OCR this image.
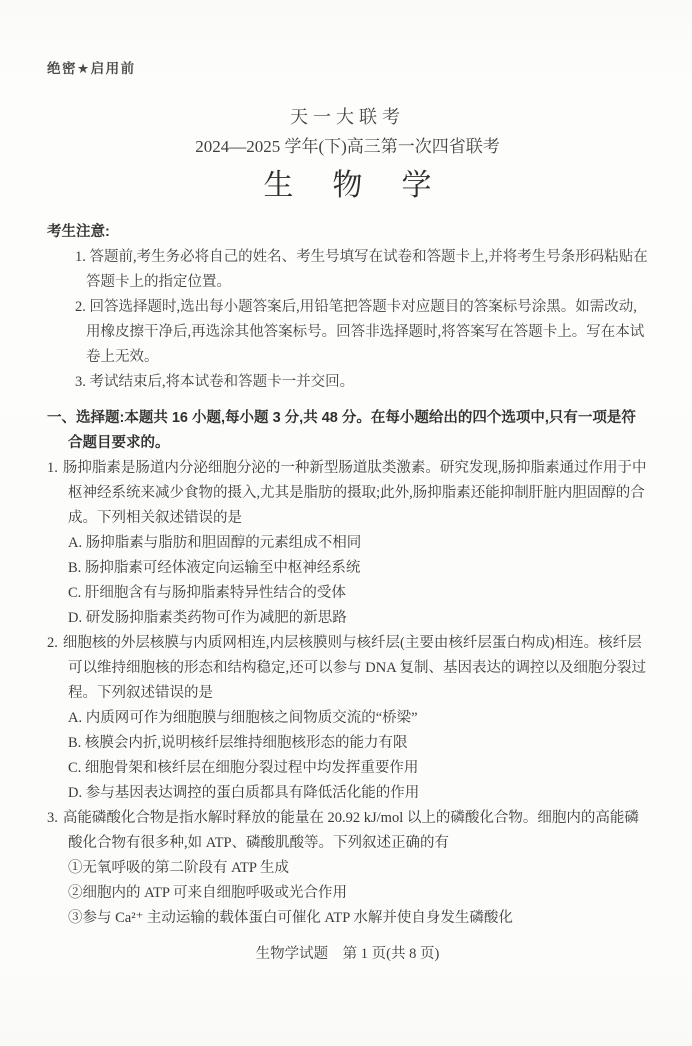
绝密★启用前
天一大联考
2024—2025 学年(下)高三第一次四省联考
生物学
考生注意:
1. 答题前,考生务必将自己的姓名、考生号填写在试卷和答题卡上,并将考生号条形码粘贴在答题卡上的指定位置。
2. 回答选择题时,选出每小题答案后,用铅笔把答题卡对应题目的答案标号涂黑。如需改动,用橡皮擦干净后,再选涂其他答案标号。回答非选择题时,将答案写在答题卡上。写在本试卷上无效。
3. 考试结束后,将本试卷和答题卡一并交回。
一、选择题:本题共 16 小题,每小题 3 分,共 48 分。在每小题给出的四个选项中,只有一项是符合题目要求的。
1. 肠抑脂素是肠道内分泌细胞分泌的一种新型肠道肽类激素。研究发现,肠抑脂素通过作用于中枢神经系统来减少食物的摄入,尤其是脂肪的摄取;此外,肠抑脂素还能抑制肝脏内胆固醇的合成。下列相关叙述错误的是
A. 肠抑脂素与脂肪和胆固醇的元素组成不相同
B. 肠抑脂素可经体液定向运输至中枢神经系统
C. 肝细胞含有与肠抑脂素特异性结合的受体
D. 研发肠抑脂素类药物可作为减肥的新思路
2. 细胞核的外层核膜与内质网相连,内层核膜则与核纤层(主要由核纤层蛋白构成)相连。核纤层可以维持细胞核的形态和结构稳定,还可以参与 DNA 复制、基因表达的调控以及细胞分裂过程。下列叙述错误的是
A. 内质网可作为细胞膜与细胞核之间物质交流的“桥梁”
B. 核膜会内折,说明核纤层维持细胞核形态的能力有限
C. 细胞骨架和核纤层在细胞分裂过程中均发挥重要作用
D. 参与基因表达调控的蛋白质都具有降低活化能的作用
3. 高能磷酸化合物是指水解时释放的能量在 20.92 kJ/mol 以上的磷酸化合物。细胞内的高能磷酸化合物有很多种,如 ATP、磷酸肌酸等。下列叙述正确的有
①无氧呼吸的第二阶段有 ATP 生成
②细胞内的 ATP 可来自细胞呼吸或光合作用
③参与 Ca²⁺ 主动运输的载体蛋白可催化 ATP 水解并使自身发生磷酸化
生物学试题　第 1 页(共 8 页)
